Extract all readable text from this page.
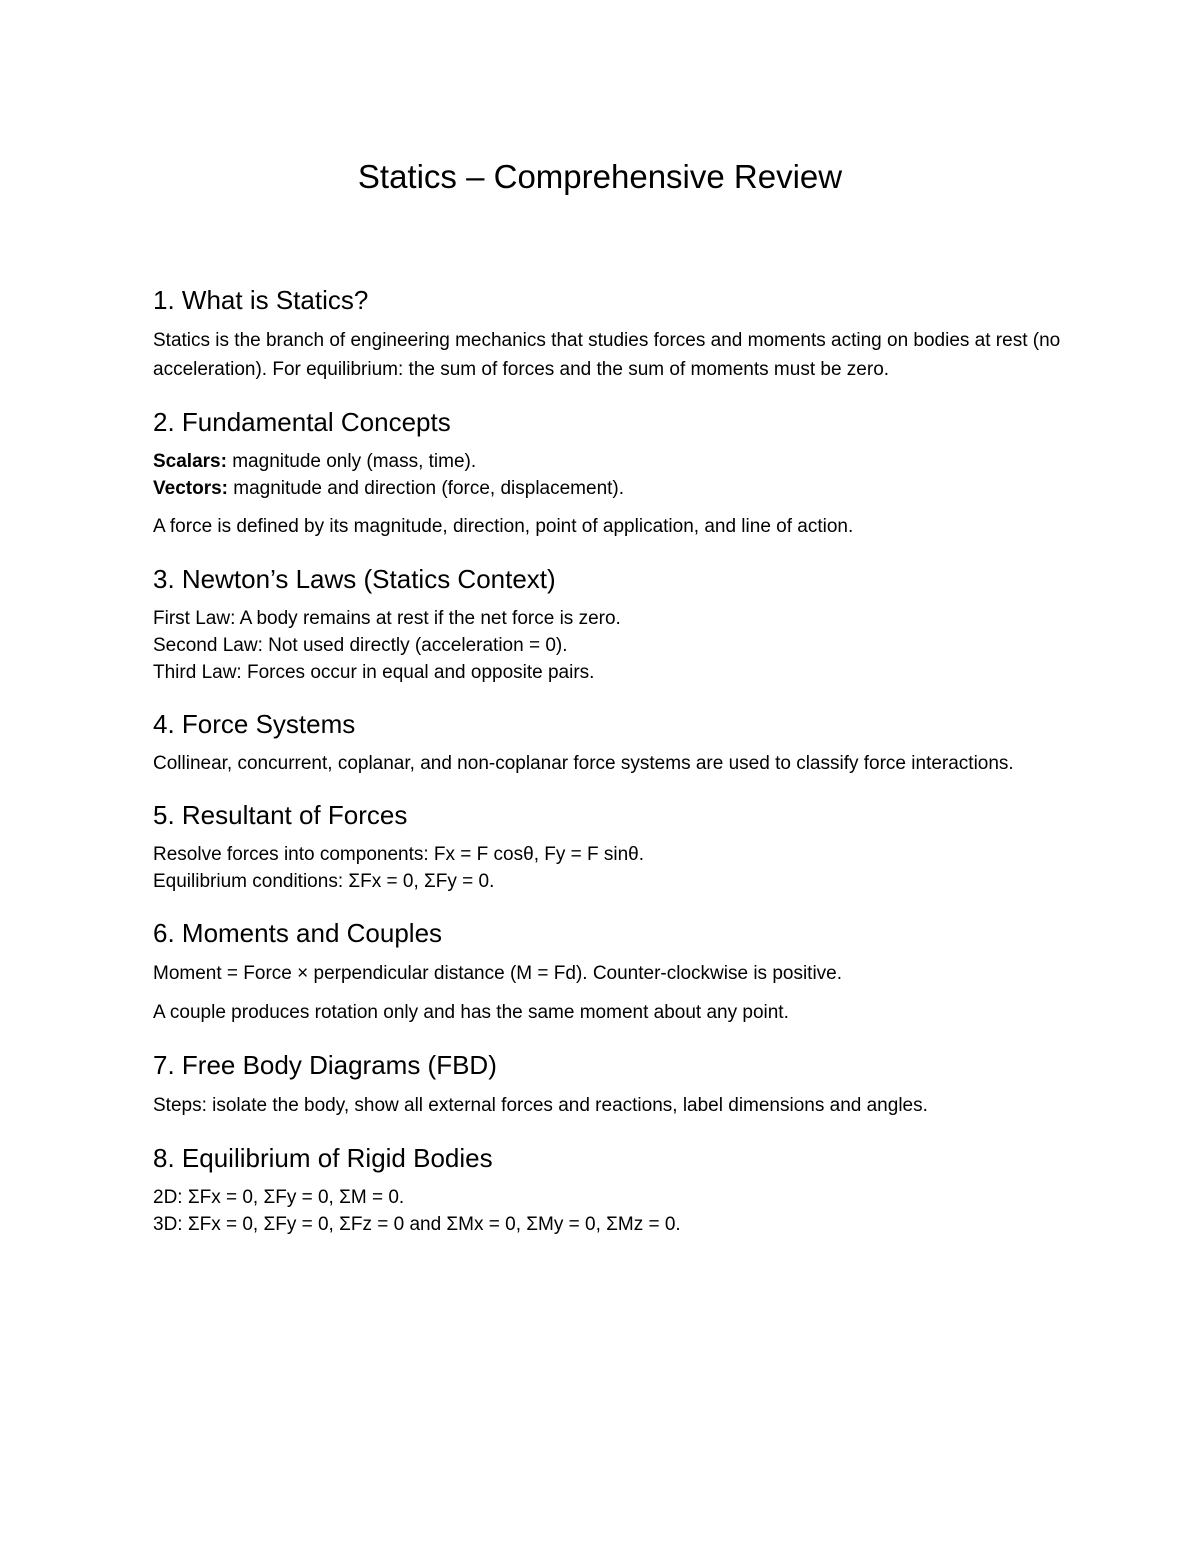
Statics – Comprehensive Review
1. What is Statics?

Statics is the branch of engineering mechanics that studies forces and moments acting on bodies at rest (no acceleration). For equilibrium: the sum of forces and the sum of moments must be zero.

2. Fundamental Concepts
Scalars: magnitude only (mass, time).
Vectors: magnitude and direction (force, displacement).

A force is defined by its magnitude, direction, point of application, and line of action.

3. Newton’s Laws (Statics Context)
First Law: A body remains at rest if the net force is zero.
Second Law: Not used directly (acceleration = 0).
Third Law: Forces occur in equal and opposite pairs.
4. Force Systems
Collinear, concurrent, coplanar, and non-coplanar force systems are used to classify force interactions.
5. Resultant of Forces
Resolve forces into components: Fx = F cosθ, Fy = F sinθ.
Equilibrium conditions: ΣFx = 0, ΣFy = 0.
6. Moments and Couples

Moment = Force × perpendicular distance (M = Fd). Counter-clockwise is positive.

A couple produces rotation only and has the same moment about any point.

7. Free Body Diagrams (FBD)

Steps: isolate the body, show all external forces and reactions, label dimensions and angles.

8. Equilibrium of Rigid Bodies
2D: ΣFx = 0, ΣFy = 0, ΣM = 0.
3D: ΣFx = 0, ΣFy = 0, ΣFz = 0 and ΣMx = 0, ΣMy = 0, ΣMz = 0.
